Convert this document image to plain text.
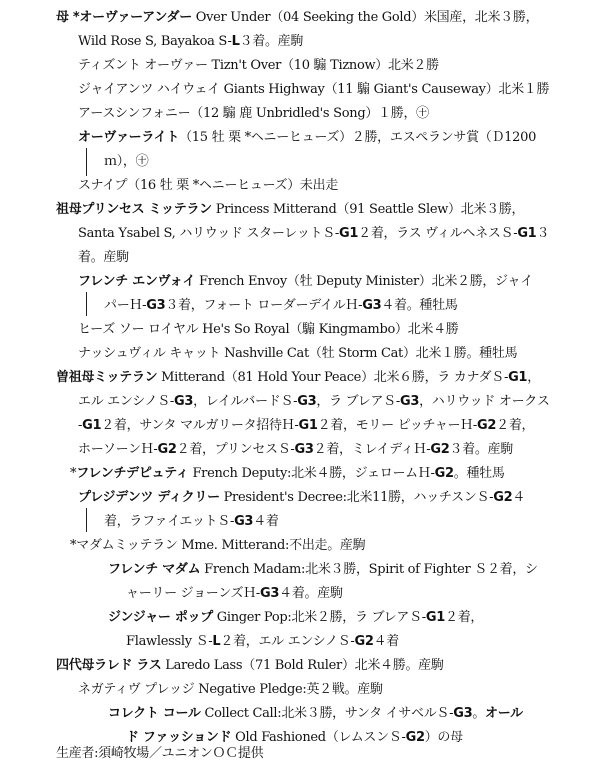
母 *オーヴァーアンダー Over Under（04 Seeking the Gold）米国産，北米３勝，
Wild Rose S, Bayakoa S-L３着。産駒
ティズント オーヴァー Tizn't Over（10 騸 Tiznow）北米２勝
ジャイアンツ ハイウェイ Giants Highway（11 騸 Giant's Causeway）北米１勝
アースシンフォニー（12 騸 鹿 Unbridled's Song）１勝，㊉
オーヴァーライト（15 牡 栗 *ヘニーヒューズ）２勝，エスペランサ賞（Ｄ1200
ｍ），㊉
スナイプ（16 牡 栗 *ヘニーヒューズ）未出走
祖母プリンセス ミッテラン Princess Mitterand（91 Seattle Slew）北米３勝，
Santa Ysabel S, ハリウッド スターレットＳ-G1２着，ラス ヴィルヘネスＳ-G1３
着。産駒
フレンチ エンヴォイ French Envoy（牡 Deputy Minister）北米２勝，ジャイ
パーＨ-G3３着，フォート ローダーデイルＨ-G3４着。種牡馬
ヒーズ ソー ロイヤル He's So Royal（騸 Kingmambo）北米４勝
ナッシュヴィル キャット Nashville Cat（牡 Storm Cat）北米１勝。種牡馬
曽祖母ミッテラン Mitterand（81 Hold Your Peace）北米６勝，ラ カナダＳ-G1，
エル エンシノＳ-G3，レイルバードＳ-G3，ラ ブレアＳ-G3，ハリウッド オークス
-G1２着，サンタ マルガリータ招待Ｈ-G1２着，モリー ピッチャーＨ-G2２着，
ホーソーンＨ-G2２着，プリンセスＳ-G3２着，ミレイディＨ-G2３着。産駒
*フレンチデピュティ French Deputy:北米４勝，ジェロームＨ-G2。種牡馬
プレジデンツ ディクリー President's Decree:北米11勝，ハッチスンＳ-G2４
着，ラファイエットＳ-G3４着
*マダムミッテラン Mme. Mitterand:不出走。産駒
フレンチ マダム French Madam:北米３勝，Spirit of Fighter Ｓ２着，シ
ャーリー ジョーンズＨ-G3４着。産駒
ジンジャー ポップ Ginger Pop:北米２勝，ラ ブレアＳ-G1２着，
Flawlessly Ｓ-L２着，エル エンシノＳ-G2４着
四代母ラレド ラス Laredo Lass（71 Bold Ruler）北米４勝。産駒
ネガティヴ プレッジ Negative Pledge:英２戦。産駒
コレクト コール Collect Call:北米３勝，サンタ イサベルＳ-G3。オール
ド ファッションド Old Fashioned（レムスンＳ-G2）の母
生産者:須崎牧場／ユニオンＯＣ提供
